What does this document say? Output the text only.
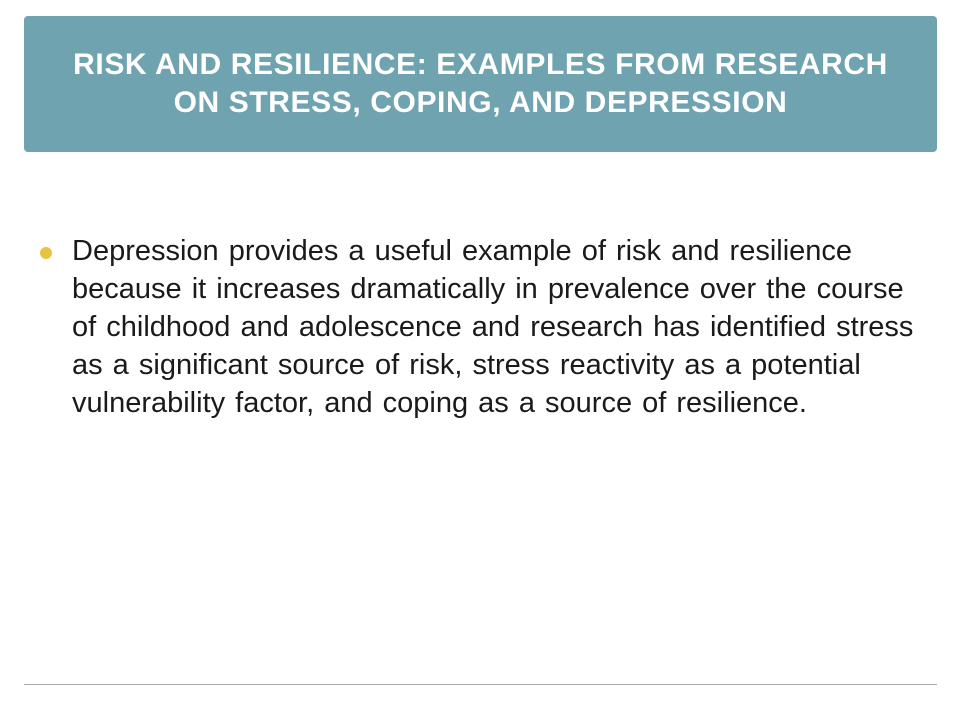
RISK AND RESILIENCE: EXAMPLES FROM RESEARCH ON STRESS, COPING, AND DEPRESSION

Depression provides a useful example of risk and resilience because it increases dramatically in prevalence over the course of childhood and adolescence and research has identified stress as a significant source of risk, stress reactivity as a potential vulnerability factor, and coping as a source of resilience.
